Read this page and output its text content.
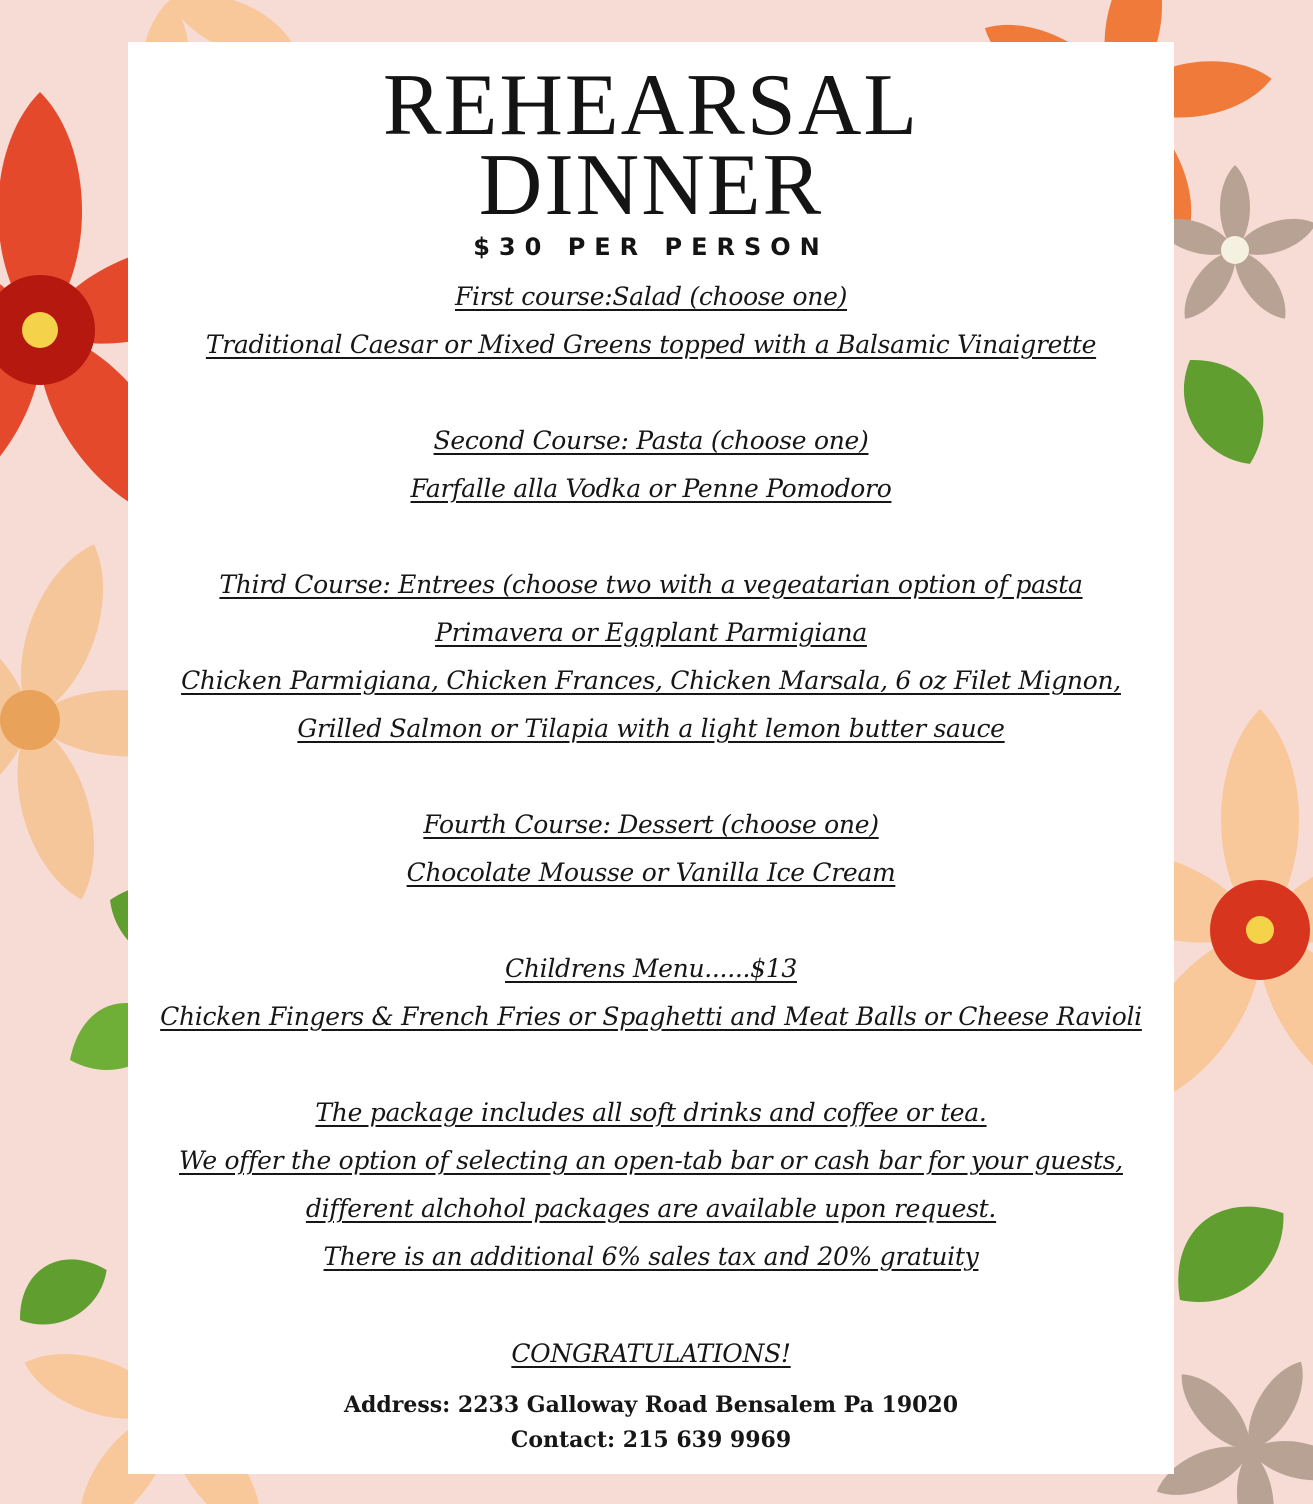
REHEARSAL
DINNER
$30 PER PERSON
First course:Salad (choose one)
Traditional Caesar or Mixed Greens topped with a Balsamic Vinaigrette
Second Course: Pasta (choose one)
Farfalle alla Vodka or Penne Pomodoro
Third Course: Entrees (choose two with a vegeatarian option of pasta
Primavera or Eggplant Parmigiana
Chicken Parmigiana, Chicken Frances, Chicken Marsala, 6 oz Filet Mignon,
Grilled Salmon or Tilapia with a light lemon butter sauce
Fourth Course: Dessert (choose one)
Chocolate Mousse or Vanilla Ice Cream
Childrens Menu......$13
Chicken Fingers & French Fries or Spaghetti and Meat Balls or Cheese Ravioli
The package includes all soft drinks and coffee or tea.
We offer the option of selecting an open-tab bar or cash bar for your guests,
different alchohol packages are available upon request.
There is an additional 6% sales tax and 20% gratuity
CONGRATULATIONS!
Address: 2233 Galloway Road Bensalem Pa 19020
Contact: 215 639 9969
